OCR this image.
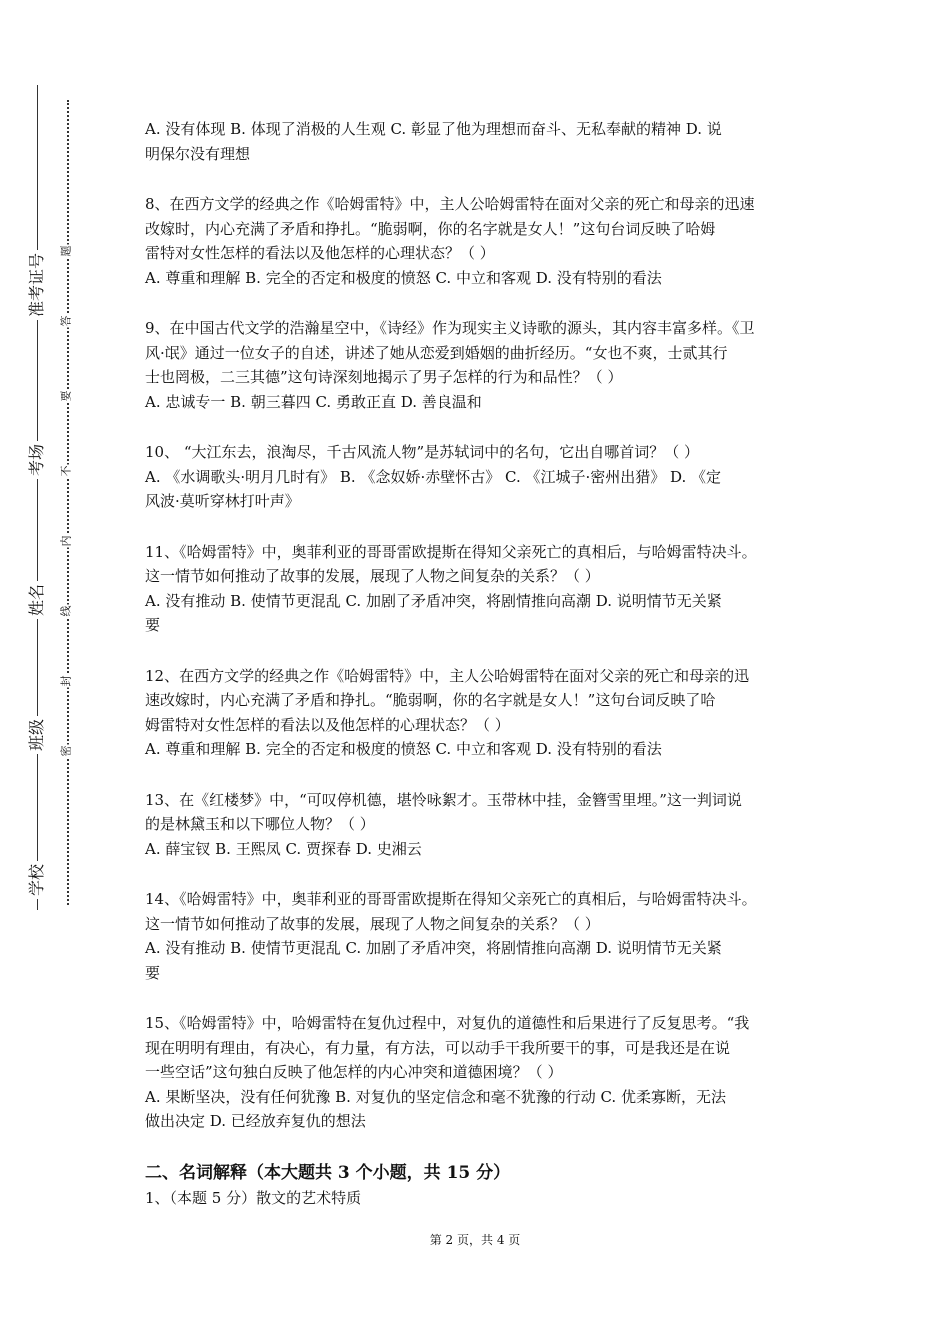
准考证号
考场
姓名
班级
学校
题
答
要
不
内
线
封
密
A. 没有体现 B. 体现了消极的人生观 C. 彰显了他为理想而奋斗、无私奉献的精神 D. 说
明保尔没有理想
8、在西方文学的经典之作《哈姆雷特》中，主人公哈姆雷特在面对父亲的死亡和母亲的迅速
改嫁时，内心充满了矛盾和挣扎。“脆弱啊，你的名字就是女人！”这句台词反映了哈姆
雷特对女性怎样的看法以及他怎样的心理状态？（ ）
A. 尊重和理解 B. 完全的否定和极度的愤怒 C. 中立和客观 D. 没有特别的看法
9、在中国古代文学的浩瀚星空中，《诗经》作为现实主义诗歌的源头，其内容丰富多样。《卫
风·氓》通过一位女子的自述，讲述了她从恋爱到婚姻的曲折经历。“女也不爽，士贰其行
士也罔极，二三其德”这句诗深刻地揭示了男子怎样的行为和品性？（ ）
A. 忠诚专一 B. 朝三暮四 C. 勇敢正直 D. 善良温和
10、 “大江东去，浪淘尽，千古风流人物”是苏轼词中的名句，它出自哪首词？（ ）
A. 《水调歌头·明月几时有》 B. 《念奴娇·赤壁怀古》 C. 《江城子·密州出猎》 D. 《定
风波·莫听穿林打叶声》
11、《哈姆雷特》中，奥菲利亚的哥哥雷欧提斯在得知父亲死亡的真相后，与哈姆雷特决斗。
这一情节如何推动了故事的发展，展现了人物之间复杂的关系？（ ）
A. 没有推动 B. 使情节更混乱 C. 加剧了矛盾冲突，将剧情推向高潮 D. 说明情节无关紧
要
12、在西方文学的经典之作《哈姆雷特》中，主人公哈姆雷特在面对父亲的死亡和母亲的迅
速改嫁时，内心充满了矛盾和挣扎。“脆弱啊，你的名字就是女人！”这句台词反映了哈
姆雷特对女性怎样的看法以及他怎样的心理状态？（ ）
A. 尊重和理解 B. 完全的否定和极度的愤怒 C. 中立和客观 D. 没有特别的看法
13、在《红楼梦》中，“可叹停机德，堪怜咏絮才。玉带林中挂，金簪雪里埋。”这一判词说
的是林黛玉和以下哪位人物？（ ）
A. 薛宝钗 B. 王熙凤 C. 贾探春 D. 史湘云
14、《哈姆雷特》中，奥菲利亚的哥哥雷欧提斯在得知父亲死亡的真相后，与哈姆雷特决斗。
这一情节如何推动了故事的发展，展现了人物之间复杂的关系？（ ）
A. 没有推动 B. 使情节更混乱 C. 加剧了矛盾冲突，将剧情推向高潮 D. 说明情节无关紧
要
15、《哈姆雷特》中，哈姆雷特在复仇过程中，对复仇的道德性和后果进行了反复思考。“我
现在明明有理由，有决心，有力量，有方法，可以动手干我所要干的事，可是我还是在说
一些空话”这句独白反映了他怎样的内心冲突和道德困境？（ ）
A. 果断坚决，没有任何犹豫 B. 对复仇的坚定信念和毫不犹豫的行动 C. 优柔寡断，无法
做出决定 D. 已经放弃复仇的想法
二、名词解释（本大题共 3 个小题，共 15 分）
1、（本题 5 分）散文的艺术特质
第 2 页，共 4 页
